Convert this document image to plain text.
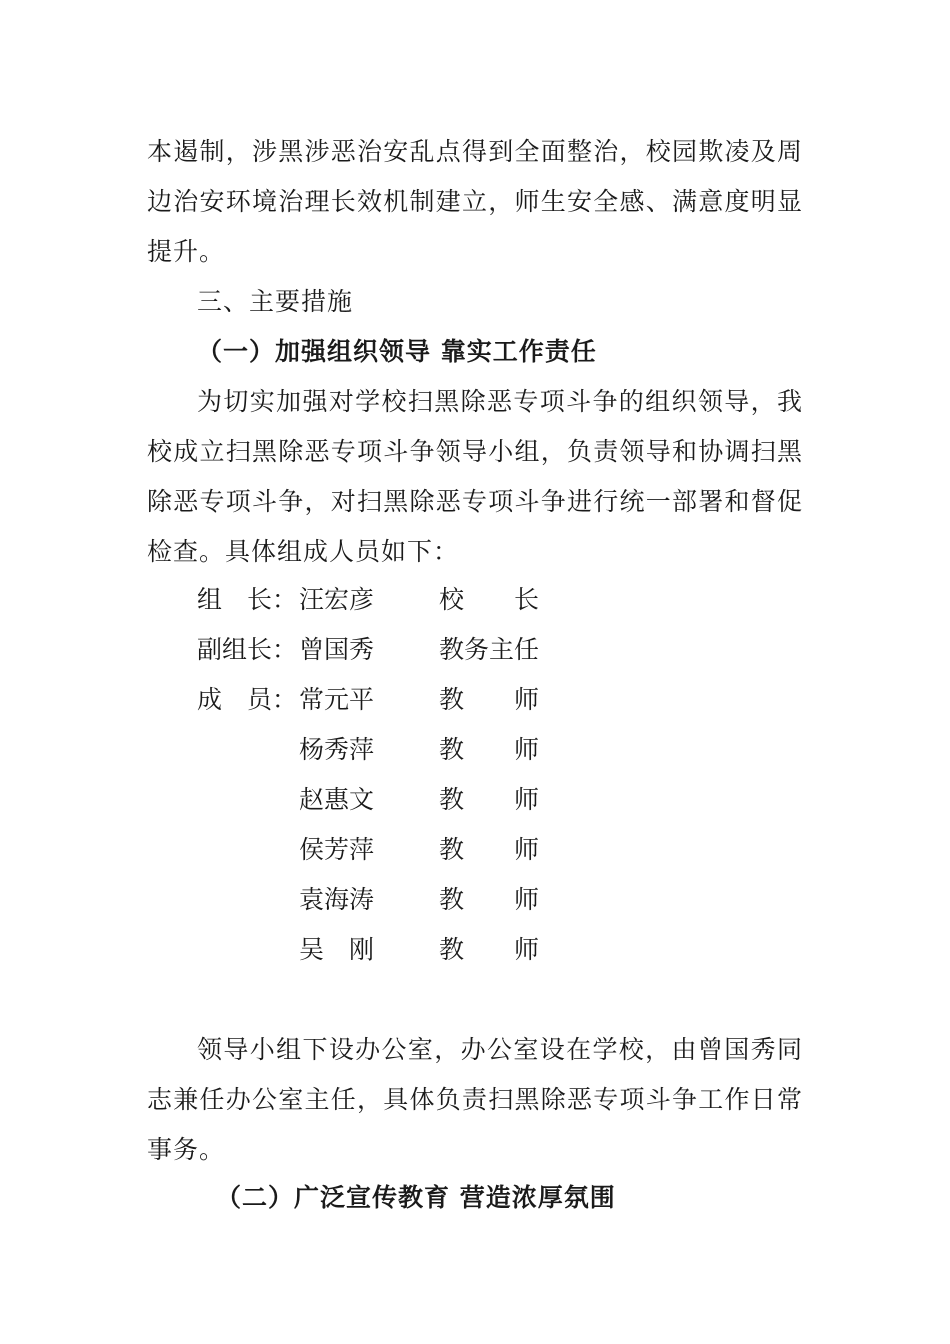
本遏制，涉黑涉恶治安乱点得到全面整治，校园欺凌及周
边治安环境治理长效机制建立，师生安全感、满意度明显
提升。
三、主要措施
（一）加强组织领导 靠实工作责任
为切实加强对学校扫黑除恶专项斗争的组织领导，我
校成立扫黑除恶专项斗争领导小组，负责领导和协调扫黑
除恶专项斗争，对扫黑除恶专项斗争进行统一部署和督促
检查。具体组成人员如下：
组　长： 汪宏彦	校　　长
副组长： 曾国秀	教务主任
成　员： 常元平	教　　师
杨秀萍	教　　师
赵惠文	教　　师
侯芳萍	教　　师
袁海涛	教　　师
吴　刚	教　　师
领导小组下设办公室，办公室设在学校，由曾国秀同
志兼任办公室主任，具体负责扫黑除恶专项斗争工作日常
事务。
（二）广泛宣传教育 营造浓厚氛围
